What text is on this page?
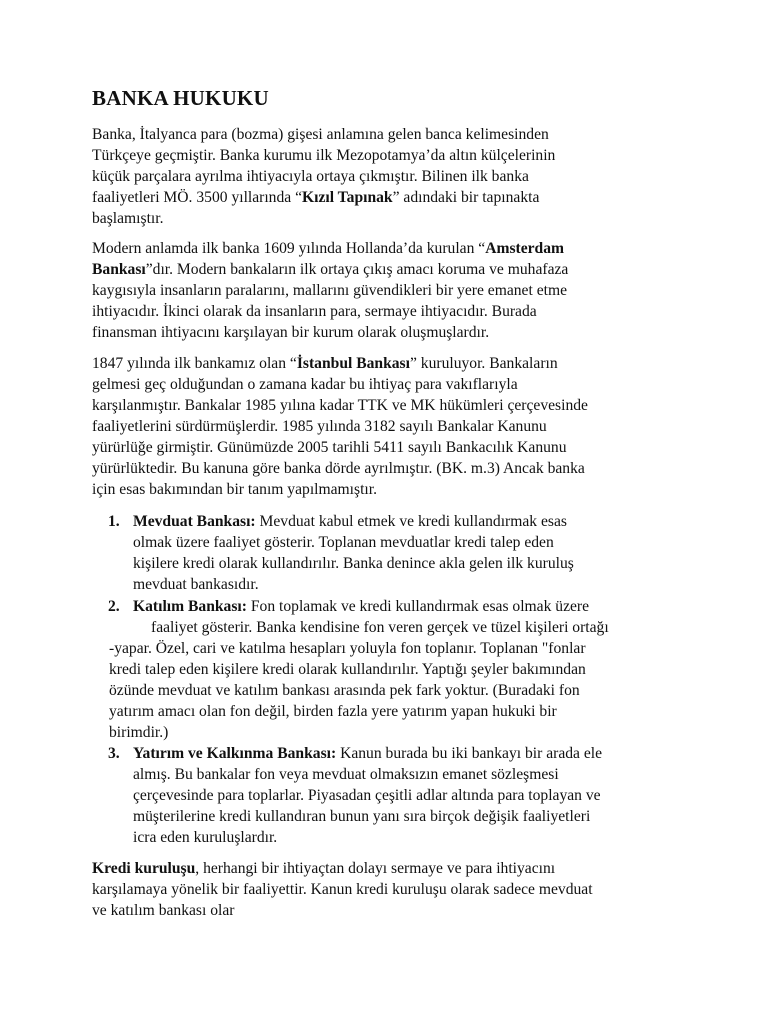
BANKA HUKUKU
Banka, İtalyanca para (bozma) gişesi anlamına gelen banca kelimesinden
Türkçeye geçmiştir. Banka kurumu ilk Mezopotamya’da altın külçelerinin
küçük parçalara ayrılma ihtiyacıyla ortaya çıkmıştır. Bilinen ilk banka
faaliyetleri MÖ. 3500 yıllarında “Kızıl Tapınak” adındaki bir tapınakta
başlamıştır.
Modern anlamda ilk banka 1609 yılında Hollanda’da kurulan “Amsterdam
Bankası”dır. Modern bankaların ilk ortaya çıkış amacı koruma ve muhafaza
kaygısıyla insanların paralarını, mallarını güvendikleri bir yere emanet etme
ihtiyacıdır. İkinci olarak da insanların para, sermaye ihtiyacıdır. Burada
finansman ihtiyacını karşılayan bir kurum olarak oluşmuşlardır.
1847 yılında ilk bankamız olan “İstanbul Bankası” kuruluyor. Bankaların
gelmesi geç olduğundan o zamana kadar bu ihtiyaç para vakıflarıyla
karşılanmıştır. Bankalar 1985 yılına kadar TTK ve MK hükümleri çerçevesinde
faaliyetlerini sürdürmüşlerdir. 1985 yılında 3182 sayılı Bankalar Kanunu
yürürlüğe girmiştir. Günümüzde 2005 tarihli 5411 sayılı Bankacılık Kanunu
yürürlüktedir. Bu kanuna göre banka dörde ayrılmıştır. (BK. m.3) Ancak banka
için esas bakımından bir tanım yapılmamıştır.
1. Mevduat Bankası: Mevduat kabul etmek ve kredi kullandırmak esas
olmak üzere faaliyet gösterir. Toplanan mevduatlar kredi talep eden
kişilere kredi olarak kullandırılır. Banka denince akla gelen ilk kuruluş
mevduat bankasıdır.
2. Katılım Bankası: Fon toplamak ve kredi kullandırmak esas olmak üzere
faaliyet gösterir. Banka kendisine fon veren gerçek ve tüzel kişileri ortağı
-yapar. Özel, cari ve katılma hesapları yoluyla fon toplanır. Toplanan "fonlar
kredi talep eden kişilere kredi olarak kullandırılır. Yaptığı şeyler bakımından
özünde mevduat ve katılım bankası arasında pek fark yoktur. (Buradaki fon
yatırım amacı olan fon değil, birden fazla yere yatırım yapan hukuki bir
birimdir.)
3. Yatırım ve Kalkınma Bankası: Kanun burada bu iki bankayı bir arada ele
almış. Bu bankalar fon veya mevduat olmaksızın emanet sözleşmesi
çerçevesinde para toplarlar. Piyasadan çeşitli adlar altında para toplayan ve
müşterilerine kredi kullandıran bunun yanı sıra birçok değişik faaliyetleri
icra eden kuruluşlardır.
Kredi kuruluşu, herhangi bir ihtiyaçtan dolayı sermaye ve para ihtiyacını
karşılamaya yönelik bir faaliyettir. Kanun kredi kuruluşu olarak sadece mevduat
ve katılım bankası olar
